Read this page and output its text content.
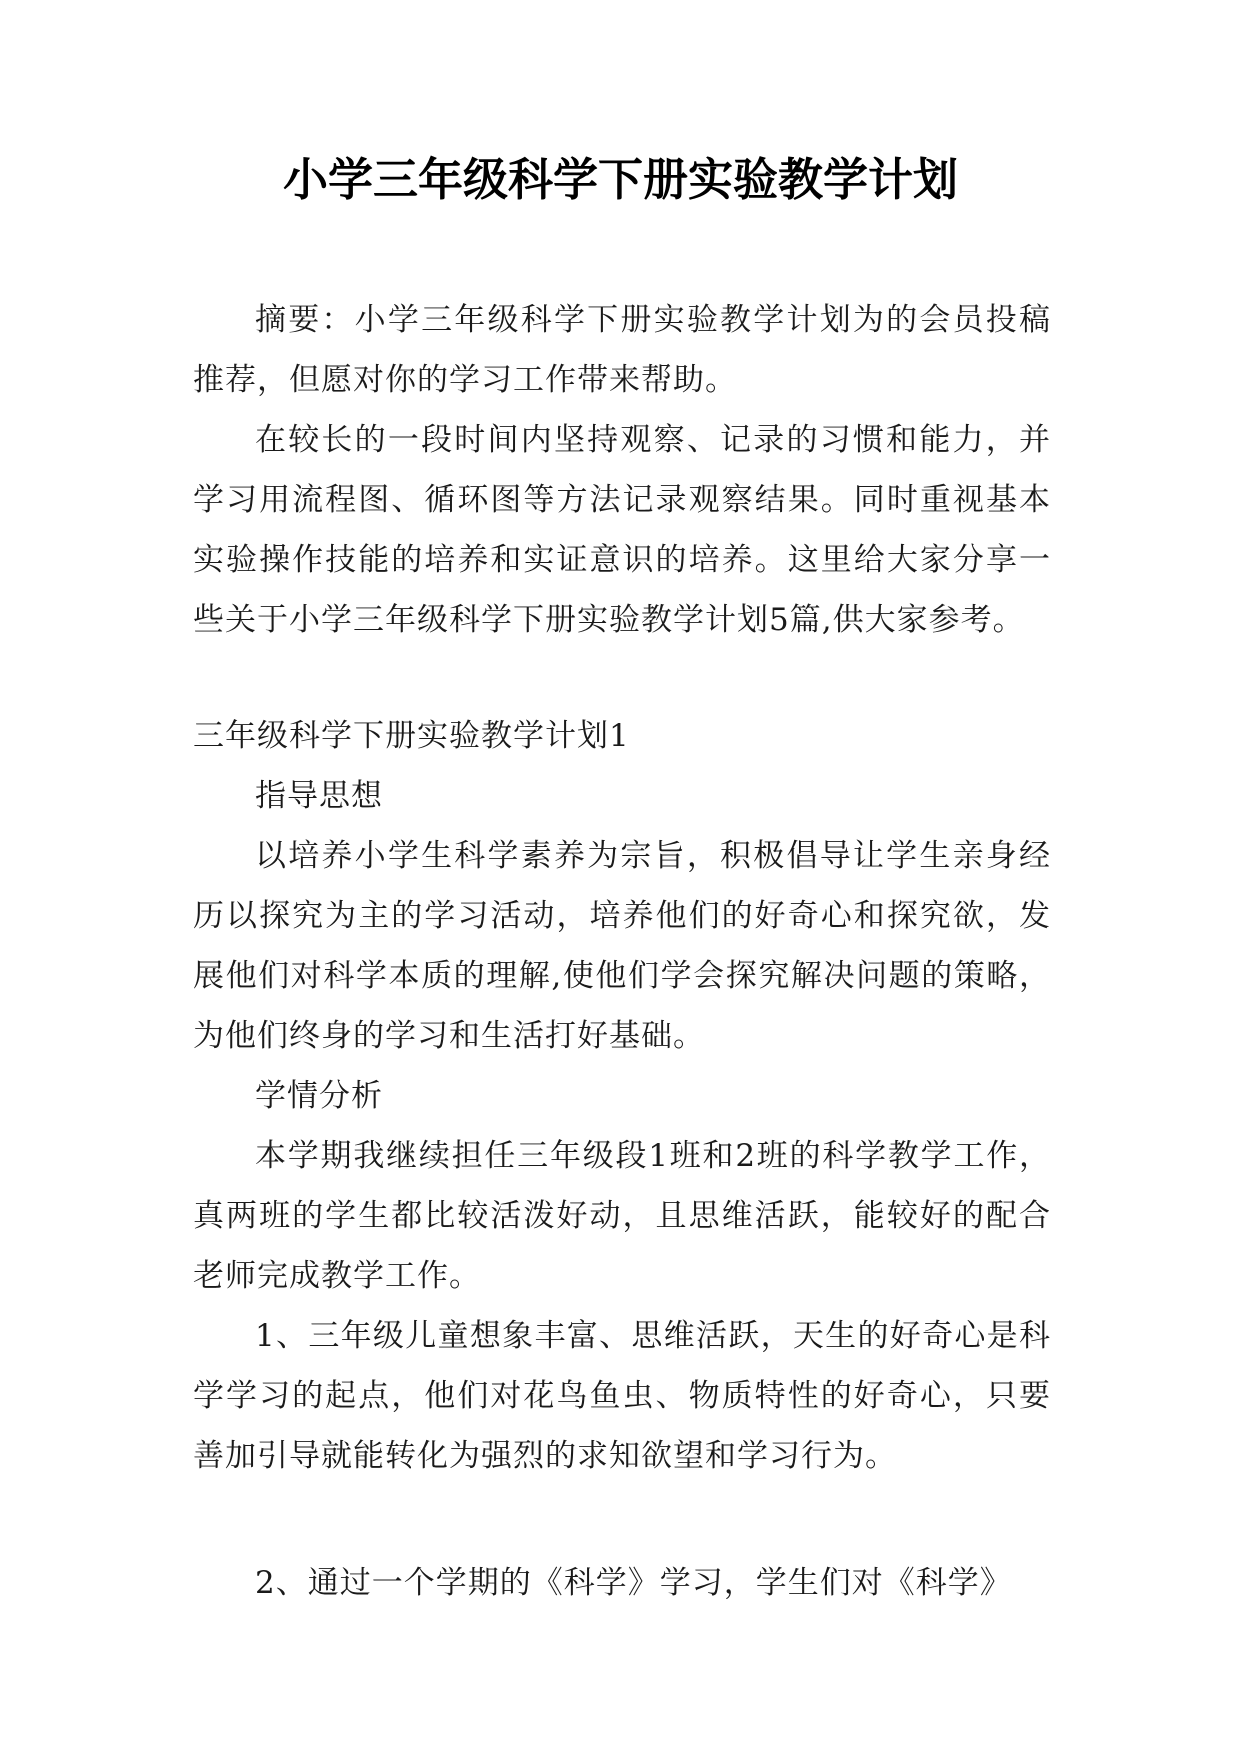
小学三年级科学下册实验教学计划

摘要：小学三年级科学下册实验教学计划为的会员投稿推荐，但愿对你的学习工作带来帮助。

在较长的一段时间内坚持观察、记录的习惯和能力，并学习用流程图、循环图等方法记录观察结果。同时重视基本实验操作技能的培养和实证意识的培养。这里给大家分享一些关于小学三年级科学下册实验教学计划5篇,供大家参考。

三年级科学下册实验教学计划1

指导思想

以培养小学生科学素养为宗旨，积极倡导让学生亲身经历以探究为主的学习活动，培养他们的好奇心和探究欲，发展他们对科学本质的理解,使他们学会探究解决问题的策略，为他们终身的学习和生活打好基础。

学情分析

本学期我继续担任三年级段1班和2班的科学教学工作，真两班的学生都比较活泼好动，且思维活跃，能较好的配合老师完成教学工作。

1、三年级儿童想象丰富、思维活跃，天生的好奇心是科学学习的起点，他们对花鸟鱼虫、物质特性的好奇心，只要善加引导就能转化为强烈的求知欲望和学习行为。

2、通过一个学期的《科学》学习，学生们对《科学》
